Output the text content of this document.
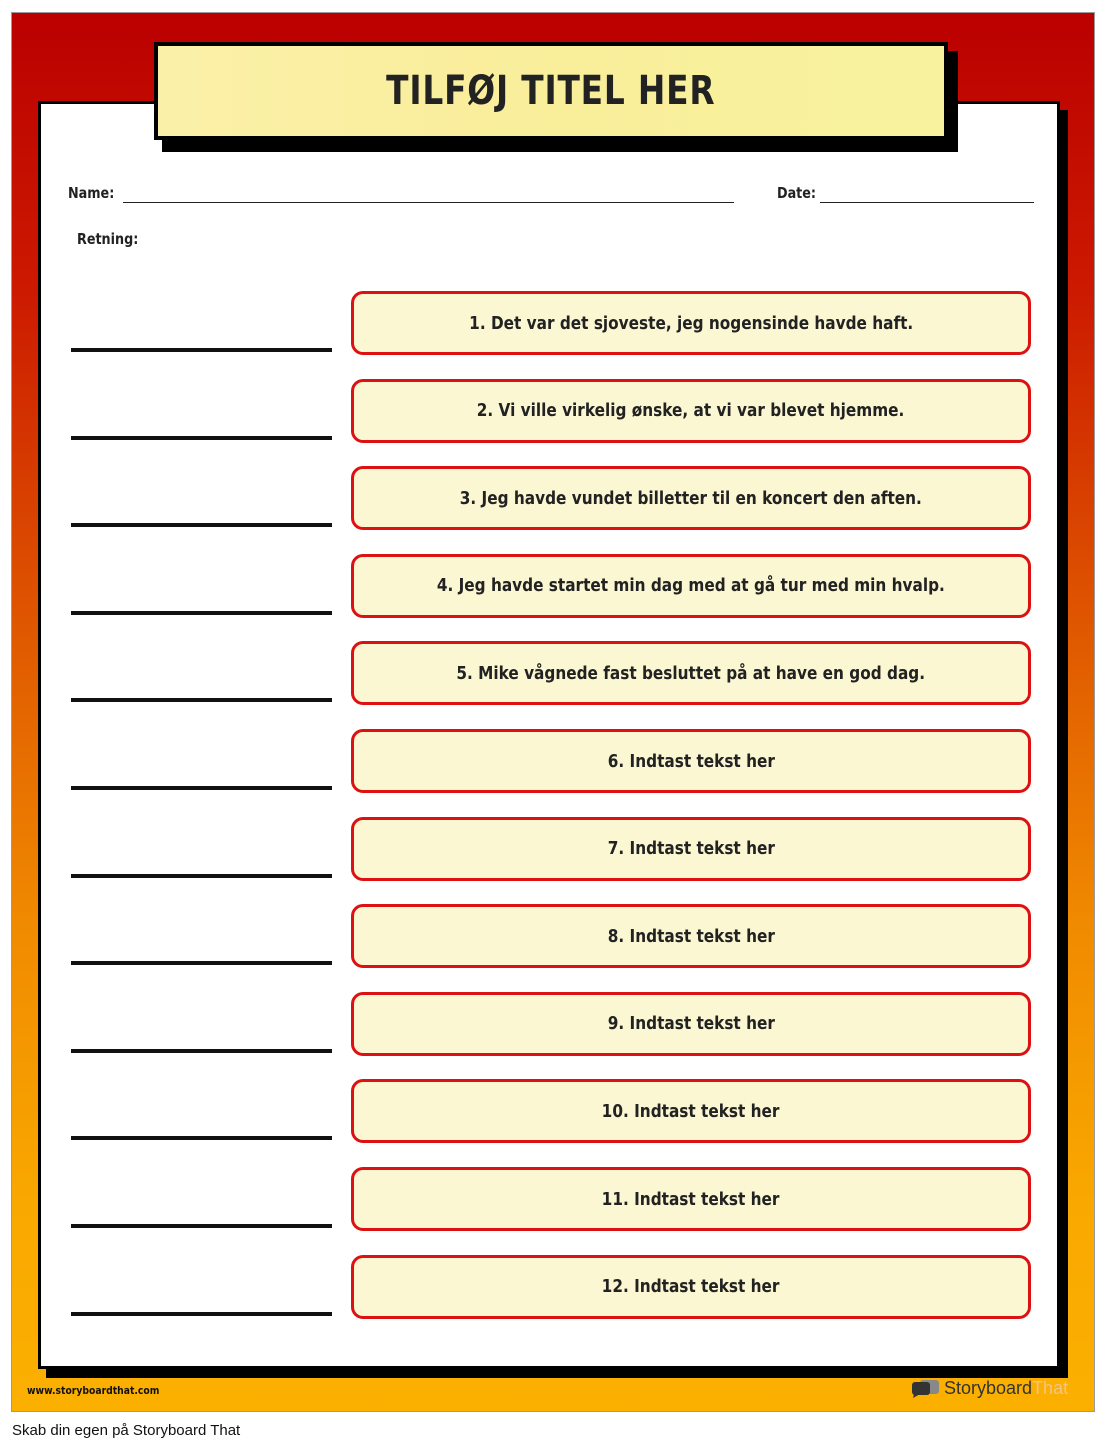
TILFØJ TITEL HER
Name:	Date:
Retning:
1. Det var det sjoveste, jeg nogensinde havde haft.
2. Vi ville virkelig ønske, at vi var blevet hjemme.
3. Jeg havde vundet billetter til en koncert den aften.
4. Jeg havde startet min dag med at gå tur med min hvalp.
5. Mike vågnede fast besluttet på at have en god dag.
6. Indtast tekst her
7. Indtast tekst her
8. Indtast tekst her
9. Indtast tekst her
10. Indtast tekst her
11. Indtast tekst her
12. Indtast tekst her
www.storyboardthat.com	Storyboard That
Skab din egen på Storyboard That
